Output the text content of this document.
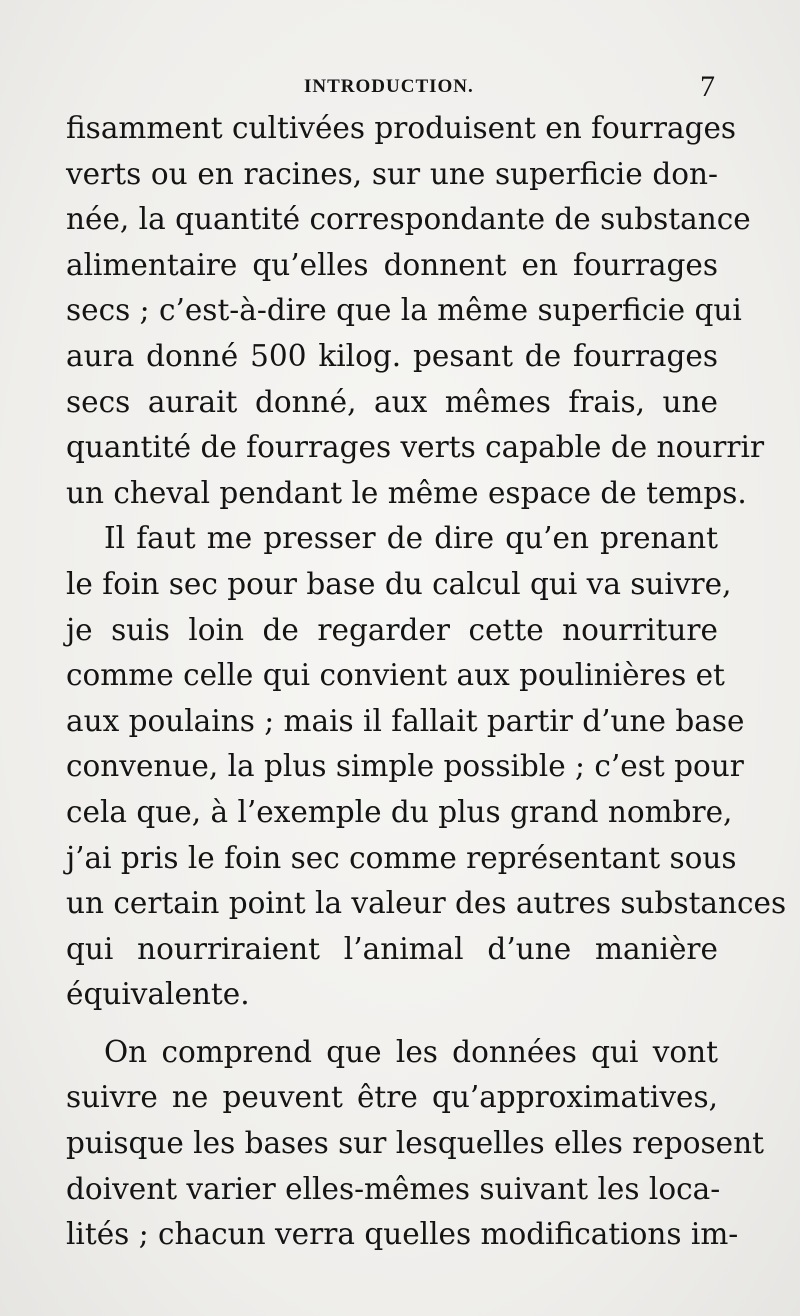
INTRODUCTION.	7
fisamment cultivées produisent en fourrages
verts ou en racines, sur une superficie don-
née, la quantité correspondante de substance
alimentaire qu’elles donnent en fourrages
secs ; c’est-à-dire que la même superficie qui
aura donné 500 kilog. pesant de fourrages
secs aurait donné, aux mêmes frais, une
quantité de fourrages verts capable de nourrir
un cheval pendant le même espace de temps.
Il faut me presser de dire qu’en prenant
le foin sec pour base du calcul qui va suivre,
je suis loin de regarder cette nourriture
comme celle qui convient aux poulinières et
aux poulains ; mais il fallait partir d’une base
convenue, la plus simple possible ; c’est pour
cela que, à l’exemple du plus grand nombre,
j’ai pris le foin sec comme représentant sous
un certain point la valeur des autres substances
qui nourriraient l’animal d’une manière
équivalente.
On comprend que les données qui vont
suivre ne peuvent être qu’approximatives,
puisque les bases sur lesquelles elles reposent
doivent varier elles-mêmes suivant les loca-
lités ; chacun verra quelles modifications im-
